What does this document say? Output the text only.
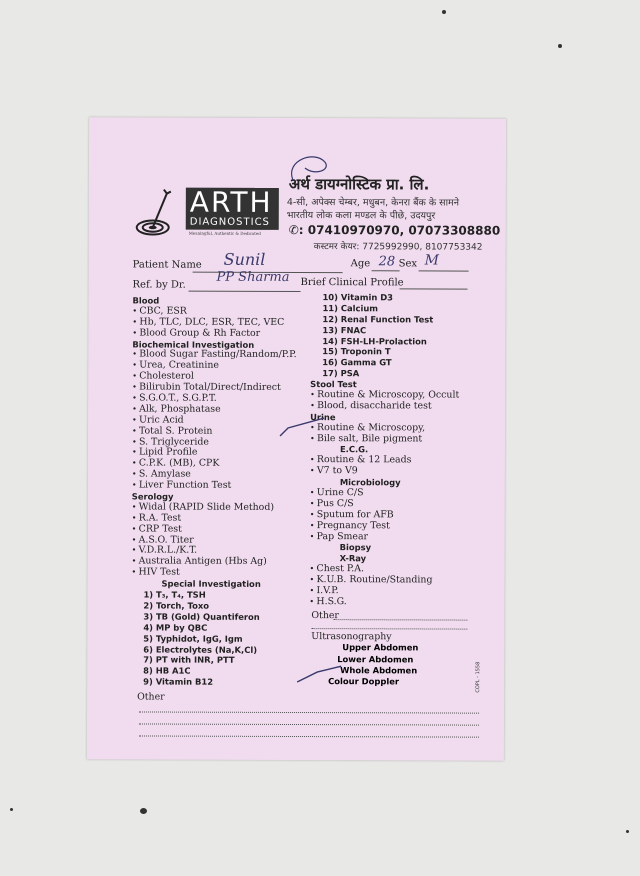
ARTH
DIAGNOSTICS
Meaningful, Authentic & Dedicated
अर्थ डायग्नोस्टिक प्रा. लि.
4-सी, अपेक्स चेम्बर, मधुबन, केनरा बैंक के सामने
भारतीय लोक कला मण्डल के पीछे, उदयपुर
✆: 07410970970, 07073308880
कस्टमर केयर: 7725992990, 8107753342
Patient Name Sunil	Age 28 Sex M
Ref. by Dr.
PP Sharma Brief Clinical Profile
Blood
• CBC, ESR
• Hb, TLC, DLC, ESR, TEC, VEC
• Blood Group & Rh Factor
Biochemical Investigation
• Blood Sugar Fasting/Random/P.P.
• Urea, Creatinine
• Cholesterol
• Bilirubin Total/Direct/Indirect
• S.G.O.T., S.G.P.T.
• Alk, Phosphatase
• Uric Acid
• Total S. Protein
• S. Triglyceride
• Lipid Profile
• C.P.K. (MB), CPK
• S. Amylase
• Liver Function Test
Serology
• Widal (RAPID Slide Method)
• R.A. Test
• CRP Test
• A.S.O. Titer
• V.D.R.L./K.T.
• Australia Antigen (Hbs Ag)
• HIV Test
Special Investigation
1) T₃, T₄, TSH
2) Torch, Toxo
3) TB (Gold) Quantiferon
4) MP by QBC
5) Typhidot, IgG, Igm
6) Electrolytes (Na,K,Cl)
7) PT with INR, PTT
8) HB A1C
9) Vitamin B12
10) Vitamin D3
11) Calcium
12) Renal Function Test
13) FNAC
14) FSH-LH-Prolaction
15) Troponin T
16) Gamma GT
17) PSA
Stool Test
• Routine & Microscopy, Occult
• Blood, disaccharide test
Urine
• Routine & Microscopy,
• Bile salt, Bile pigment
E.C.G.
• Routine & 12 Leads
• V7 to V9
Microbiology
• Urine C/S
• Pus C/S
• Sputum for AFB
• Pregnancy Test
• Pap Smear
Biopsy
X-Ray
• Chest P.A.
• K.U.B. Routine/Standing
• I.V.P.
• H.S.G.
Other
Ultrasonography
Upper Abdomen
Lower Abdomen
Whole Abdomen
Colour Doppler
Other
COPL - 1558
